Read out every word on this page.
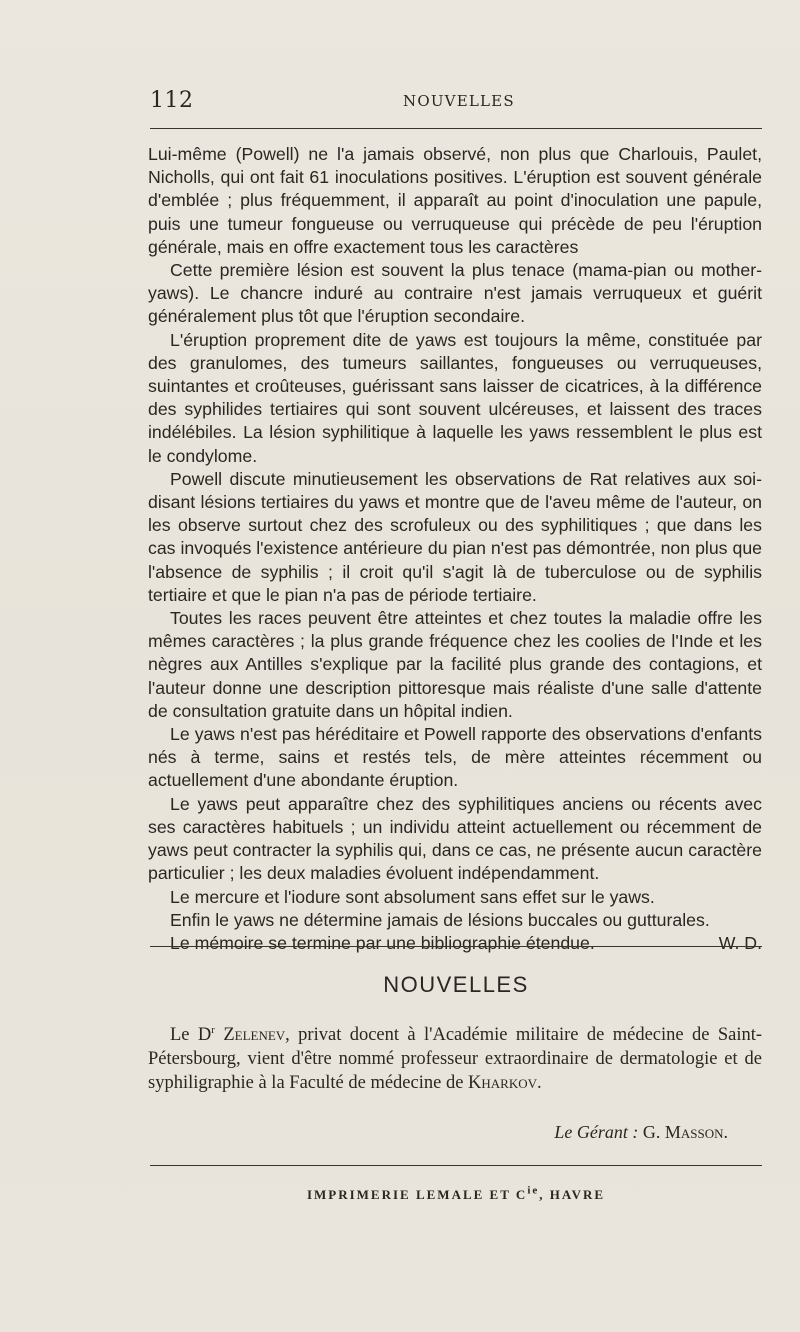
112	NOUVELLES

Lui-même (Powell) ne l'a jamais observé, non plus que Charlouis, Paulet, Nicholls, qui ont fait 61 inoculations positives. L'éruption est souvent générale d'emblée ; plus fréquemment, il apparaît au point d'inoculation une papule, puis une tumeur fongueuse ou verruqueuse qui précède de peu l'éruption générale, mais en offre exactement tous les caractères

Cette première lésion est souvent la plus tenace (mama-pian ou mother-yaws). Le chancre induré au contraire n'est jamais verruqueux et guérit généralement plus tôt que l'éruption secondaire.

L'éruption proprement dite de yaws est toujours la même, constituée par des granulomes, des tumeurs saillantes, fongueuses ou verruqueuses, suintantes et croûteuses, guérissant sans laisser de cicatrices, à la différence des syphilides tertiaires qui sont souvent ulcéreuses, et laissent des traces indélébiles. La lésion syphilitique à laquelle les yaws ressemblent le plus est le condylome.

Powell discute minutieusement les observations de Rat relatives aux soi-disant lésions tertiaires du yaws et montre que de l'aveu même de l'auteur, on les observe surtout chez des scrofuleux ou des syphilitiques ; que dans les cas invoqués l'existence antérieure du pian n'est pas démontrée, non plus que l'absence de syphilis ; il croit qu'il s'agit là de tuberculose ou de syphilis tertiaire et que le pian n'a pas de période tertiaire.

Toutes les races peuvent être atteintes et chez toutes la maladie offre les mêmes caractères ; la plus grande fréquence chez les coolies de l'Inde et les nègres aux Antilles s'explique par la facilité plus grande des contagions, et l'auteur donne une description pittoresque mais réaliste d'une salle d'attente de consultation gratuite dans un hôpital indien.

Le yaws n'est pas héréditaire et Powell rapporte des observations d'enfants nés à terme, sains et restés tels, de mère atteintes récemment ou actuellement d'une abondante éruption.

Le yaws peut apparaître chez des syphilitiques anciens ou récents avec ses caractères habituels ; un individu atteint actuellement ou récemment de yaws peut contracter la syphilis qui, dans ce cas, ne présente aucun caractère particulier ; les deux maladies évoluent indépendamment.

Le mercure et l'iodure sont absolument sans effet sur le yaws.

Enfin le yaws ne détermine jamais de lésions buccales ou gutturales.

Le mémoire se termine par une bibliographie étendue.	W. D.

NOUVELLES

Le $D^r$ Zelenev, privat docent à l'Académie militaire de médecine de Saint-Pétersbourg, vient d'être nommé professeur extraordinaire de dermatologie et de syphiligraphie à la Faculté de médecine de Kharkov.

Le Gérant : G. Masson.
IMPRIMERIE LEMALE ET $C^{ie}$, HAVRE
